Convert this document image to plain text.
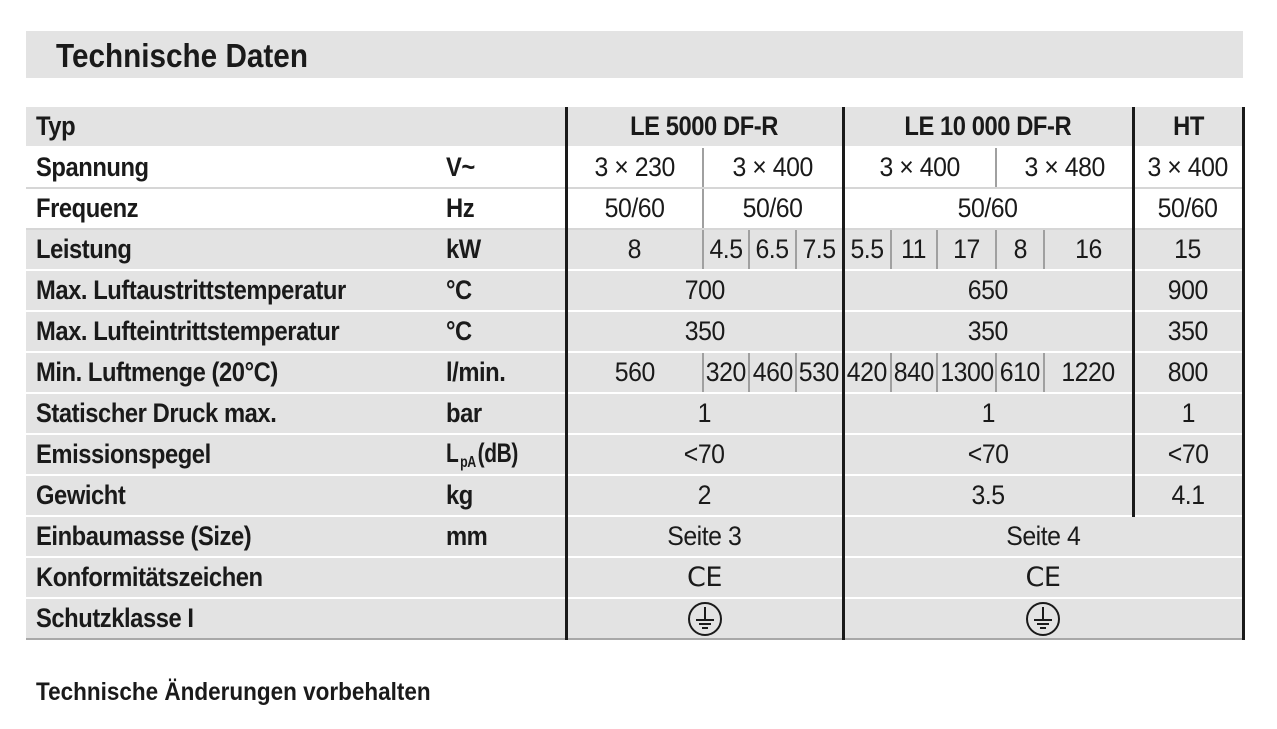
Technische Daten
Typ		LE 5000 DF-R				LE 10 000 DF-R					HT
Spannung	V~	3 × 230	3 × 400			3 × 400			3 × 480		3 × 400
Frequenz	Hz	50/60	50/60			50/60					50/60
Leistung	kW	8	4.5	6.5	7.5	5.5	11	17	8	16	15
Max. Luftaustrittstemperatur	°C	700				650					900
Max. Lufteintrittstemperatur	°C	350				350					350
Min. Luftmenge (20°C)	l/min.	560	320	460	530	420	840	1300	610	1220	800
Statischer Druck max.	bar	1				1					1
Emissionspegel	L pA(dB)	<70				<70					<70
Gewicht	kg	2				3.5					4.1
Einbaumasse (Size)	mm	Seite 3				Seite 4					
Konformitätszeichen		CE				CE					
Schutzklasse I		
Technische Änderungen vorbehalten
